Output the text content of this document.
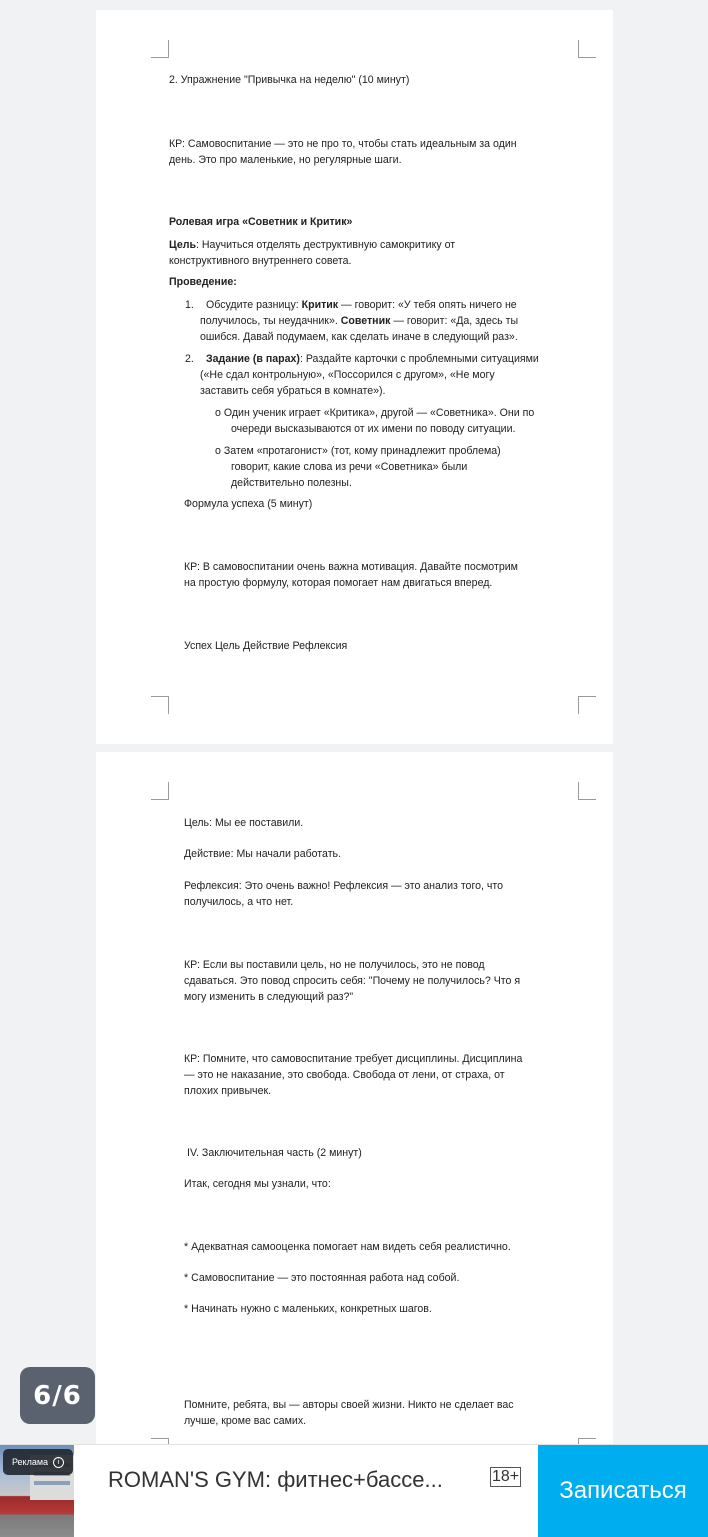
2. Упражнение "Привычка на неделю" (10 минут)
КР: Самовоспитание — это не про то, чтобы стать идеальным за один
день. Это про маленькие, но регулярные шаги.
Ролевая игра «Советник и Критик»
Цель: Научиться отделять деструктивную самокритику от
конструктивного внутреннего совета.
Проведение:
1. Обсудите разницу: Критик — говорит: «У тебя опять ничего не
получилось, ты неудачник». Советник — говорит: «Да, здесь ты
ошибся. Давай подумаем, как сделать иначе в следующий раз».
2. Задание (в парах): Раздайте карточки с проблемными ситуациями
(«Не сдал контрольную», «Поссорился с другом», «Не могу
заставить себя убраться в комнате»).
o Один ученик играет «Критика», другой — «Советника». Они по
очереди высказываются от их имени по поводу ситуации.
o Затем «протагонист» (тот, кому принадлежит проблема)
говорит, какие слова из речи «Советника» были
действительно полезны.
Формула успеха (5 минут)
КР: В самовоспитании очень важна мотивация. Давайте посмотрим
на простую формулу, которая помогает нам двигаться вперед.
Успех Цель Действие Рефлексия
Цель: Мы ее поставили.
Действие: Мы начали работать.
Рефлексия: Это очень важно! Рефлексия — это анализ того, что
получилось, а что нет.
КР: Если вы поставили цель, но не получилось, это не повод
сдаваться. Это повод спросить себя: "Почему не получилось? Что я
могу изменить в следующий раз?"
КР: Помните, что самовоспитание требует дисциплины. Дисциплина
— это не наказание, это свобода. Свобода от лени, от страха, от
плохих привычек.
IV. Заключительная часть (2 минут)
Итак, сегодня мы узнали, что:
* Адекватная самооценка помогает нам видеть себя реалистично.
* Самовоспитание — это постоянная работа над собой.
* Начинать нужно с маленьких, конкретных шагов.
Помните, ребята, вы — авторы своей жизни. Никто не сделает вас
лучше, кроме вас самих.
6/6
Реклама	i
ROMAN'S GYM: фитнес+бассе...	18+
Записаться
